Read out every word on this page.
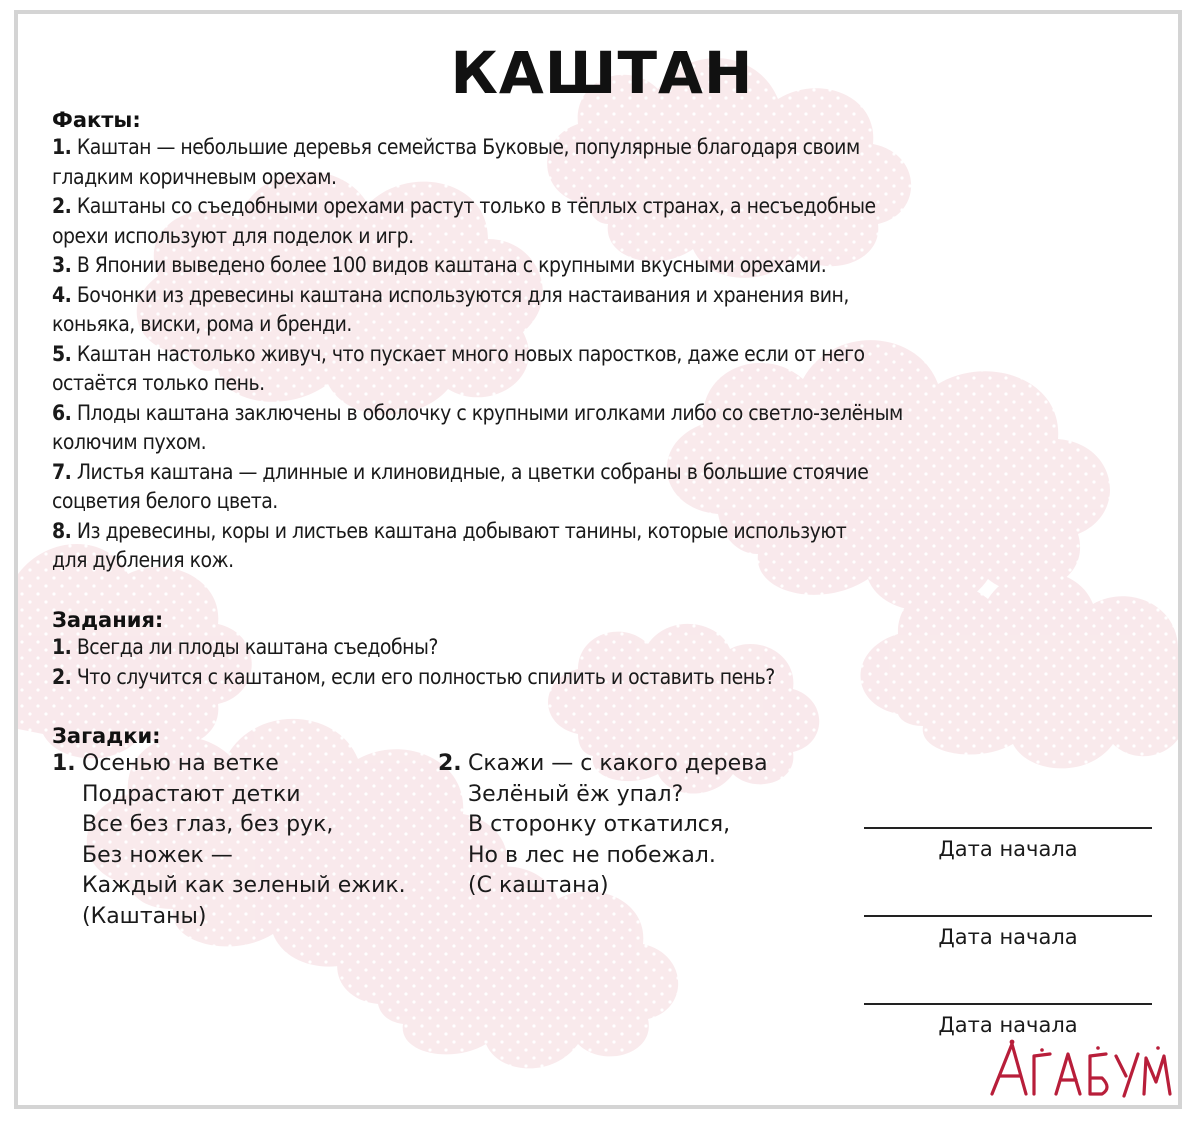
КАШТАН
Факты:
1. Каштан — небольшие деревья семейства Буковые, популярные благодаря своим
гладким коричневым орехам.
2. Каштаны со съедобными орехами растут только в тёплых странах, а несъедобные
орехи используют для поделок и игр.
3. В Японии выведено более 100 видов каштана с крупными вкусными орехами.
4. Бочонки из древесины каштана используются для настаивания и хранения вин,
коньяка, виски, рома и бренди.
5. Каштан настолько живуч, что пускает много новых паростков, даже если от него
остаётся только пень.
6. Плоды каштана заключены в оболочку с крупными иголками либо со светло-зелёным
колючим пухом.
7. Листья каштана — длинные и клиновидные, а цветки собраны в большие стоячие
соцветия белого цвета.
8. Из древесины, коры и листьев каштана добывают танины, которые используют
для дубления кож.
Задания:
1. Всегда ли плоды каштана съедобны?
2. Что случится с каштаном, если его полностью спилить и оставить пень?
Загадки:
1. Осенью на ветке
Подрастают детки
Все без глаз, без рук,
Без ножек —
Каждый как зеленый ежик.
(Каштаны)
2. Скажи — с какого дерева
Зелёный ёж упал?
В сторонку откатился,
Но в лес не побежал.
(С каштана)
Дата начала
Дата начала
Дата начала
